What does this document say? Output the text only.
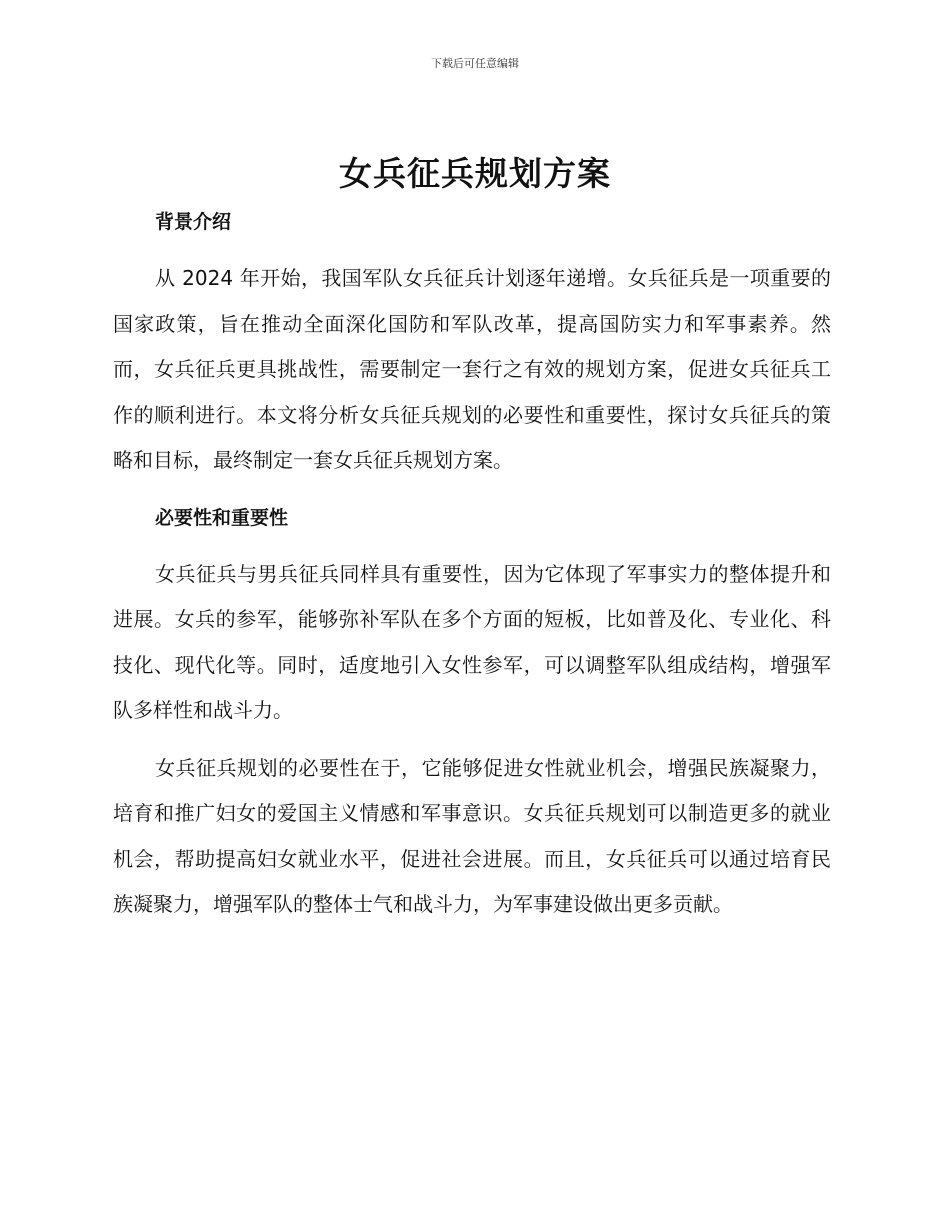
下载后可任意编辑
女兵征兵规划方案
背景介绍

从 2024 年开始，我国军队女兵征兵计划逐年递增。女兵征兵是一项重要的国家政策，旨在推动全面深化国防和军队改革，提高国防实力和军事素养。然而，女兵征兵更具挑战性，需要制定一套行之有效的规划方案，促进女兵征兵工作的顺利进行。本文将分析女兵征兵规划的必要性和重要性，探讨女兵征兵的策略和目标，最终制定一套女兵征兵规划方案。

必要性和重要性

女兵征兵与男兵征兵同样具有重要性，因为它体现了军事实力的整体提升和进展。女兵的参军，能够弥补军队在多个方面的短板，比如普及化、专业化、科技化、现代化等。同时，适度地引入女性参军，可以调整军队组成结构，增强军队多样性和战斗力。

女兵征兵规划的必要性在于，它能够促进女性就业机会，增强民族凝聚力，培育和推广妇女的爱国主义情感和军事意识。女兵征兵规划可以制造更多的就业机会，帮助提高妇女就业水平，促进社会进展。而且，女兵征兵可以通过培育民族凝聚力，增强军队的整体士气和战斗力，为军事建设做出更多贡献。
